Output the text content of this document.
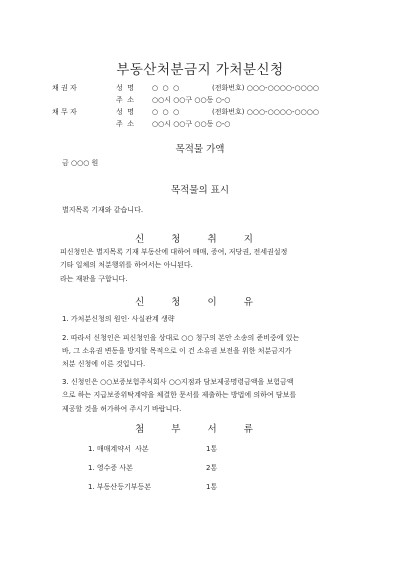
부동산처분금지 가처분신청
채 권 자	성  명	○  ○  ○	(전화번호) ○○○-○○○○-○○○○
주  소	○○시 ○○구 ○○동 ○-○
채 무 자	성  명	○  ○  ○	(전화번호) ○○○-○○○○-○○○○
주  소	○○시 ○○구 ○○동 ○-○
목적물 가액
금 ○○○ 원
목적물의 표시
별지목록 기재와 같습니다.
신 청 취 지
피신청인은 별지목록 기재 부동산에 대하여 매매, 증여, 저당권, 전세권설정
기타 일체의 처분행위를 하여서는 아니된다.
라는 재판을 구합니다.
신 청 이 유
1. 가처분신청의 원인· 사실관계 생략
2. 따라서 신청인은 피신청인을 상대로 ○○ 청구의 본안 소송의 준비중에 있는
바, 그 소유권 변동을 방지할 목적으로 이 건 소유권 보전을 위한 처분금지가
처분 신청에 이른 것입니다.
3. 신청인은 ○○보증보험주식회사 ○○지점과 담보제공명령금액을 보험금액
으로 하는 지급보증위탁계약을 체결한 문서를 제출하는 방법에 의하여 담보를
제공할 것을 허가하여 주시기 바랍니다.
첨 부 서 류
1. 매매계약서  사본	1통
1. 영수증 사본	2통
1. 부동산등기부등본	1통
